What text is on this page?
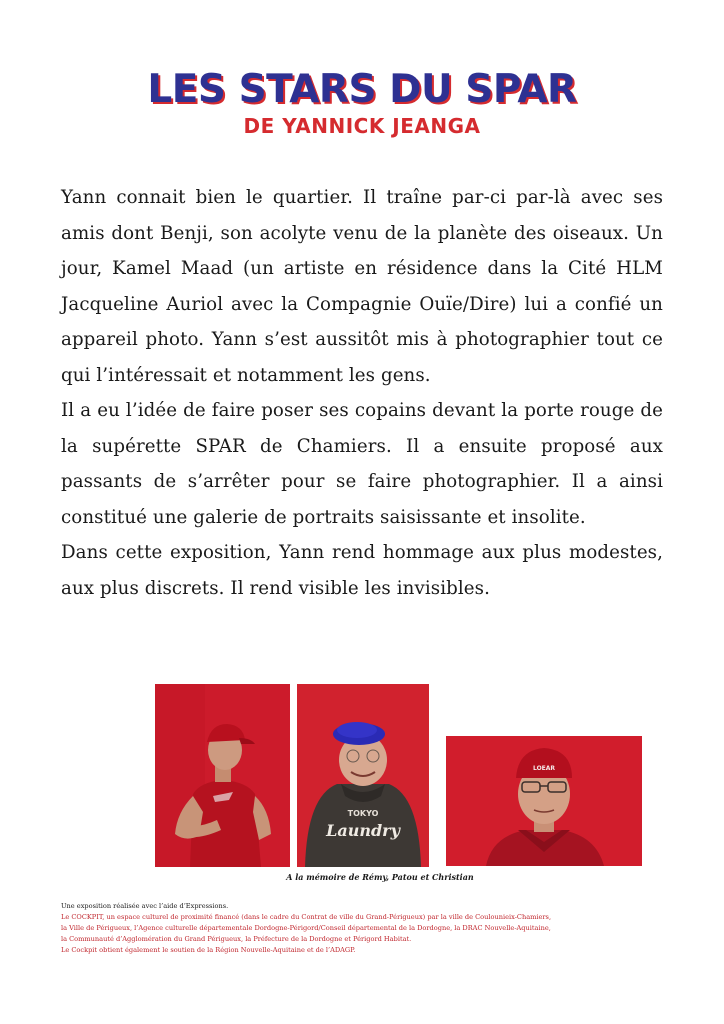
LES STARS DU SPAR
DE YANNICK JEANGA

Yann connait bien le quartier. Il traîne par-ci par-là avec ses amis dont Benji, son acolyte venu de la planète des oiseaux. Un jour, Kamel Maad (un artiste en résidence dans la Cité HLM Jacqueline Auriol avec la Compagnie Ouïe/Dire) lui a confié un appareil photo. Yann s’est aussitôt mis à photographier tout ce qui l’intéressait et notamment les gens.

Il a eu l’idée de faire poser ses copains devant la porte rouge de la supérette SPAR de Chamiers. Il a ensuite proposé aux passants de s’arrêter pour se faire photographier. Il a ainsi constitué une galerie de portraits saisissante et insolite.

Dans cette exposition, Yann rend hommage aux plus modestes, aux plus discrets. Il rend visible les invisibles.

TOKYO
Laundry
LOEAR
A la mémoire de Rémy, Patou et Christian
Une exposition réalisée avec l’aide d’Expressions.
Le COCKPIT, un espace culturel de proximité financé (dans le cadre du Contrat de ville du Grand-Périgueux) par la ville de Coulounieix-Chamiers,
la Ville de Périgueux, l’Agence culturelle départementale Dordogne-Périgord/Conseil départemental de la Dordogne, la DRAC Nouvelle-Aquitaine,
la Communauté d’Agglomération du Grand Périgueux, la Préfecture de la Dordogne et Périgord Habitat.
Le Cockpit obtient également le soutien de la Région Nouvelle-Aquitaine et de l’ADAGP.
